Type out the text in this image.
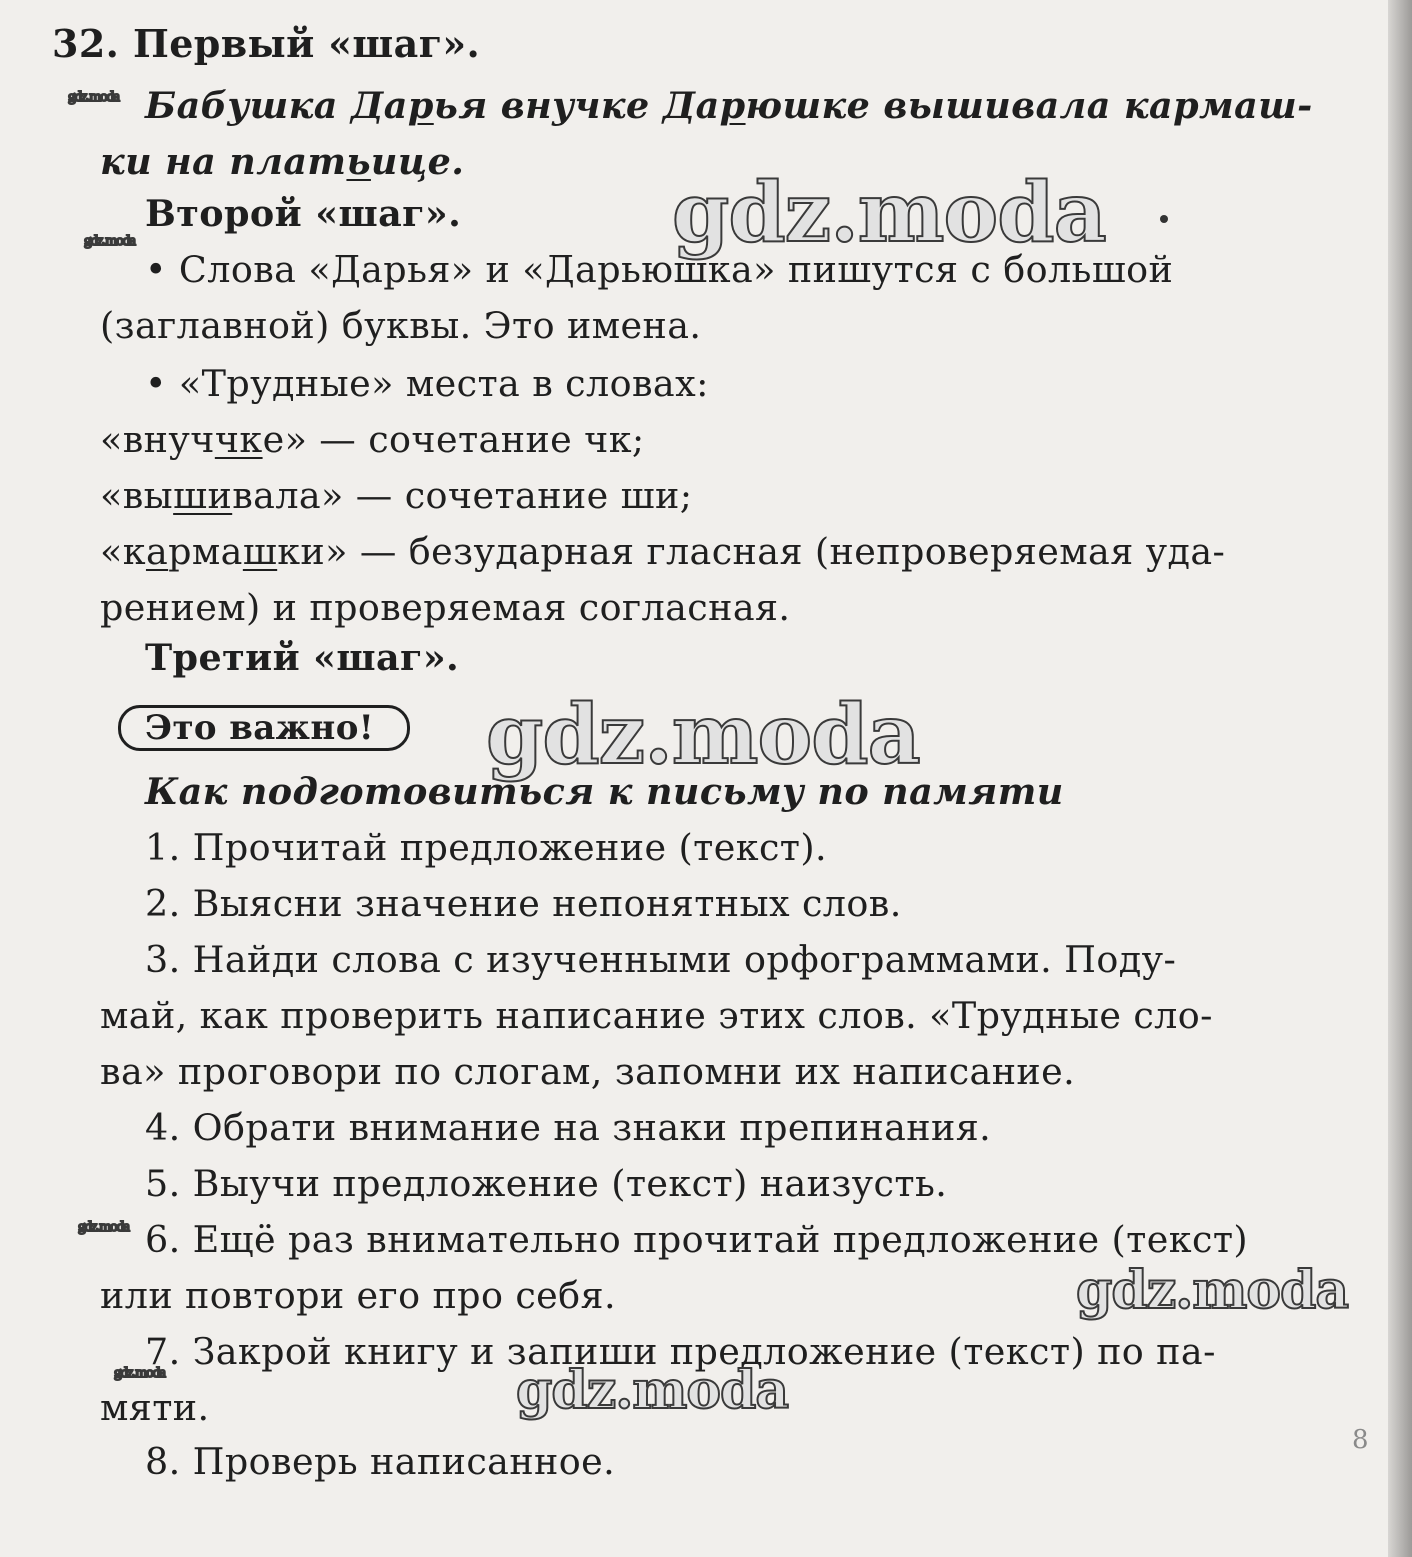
32. Первый «шаг».
Бабушка Дарья внучке Дарюшке вышивала кармаш-
ки на платьице.
Второй «шаг».
• Слова «Дарья» и «Дарьюшка» пишутся с большой
(заглавной) буквы. Это имена.
• «Трудные» места в словах:
«внуччке» — сочетание чк;
«вышивала» — сочетание ши;
«кармашки» — безударная гласная (непроверяемая уда-
рением) и проверяемая согласная.
Третий «шаг».
Это важно!
Как подготовиться к письму по памяти
1. Прочитай предложение (текст).
2. Выясни значение непонятных слов.
3. Найди слова с изученными орфограммами. Поду-
май, как проверить написание этих слов. «Трудные сло-
ва» проговори по слогам, запомни их написание.
4. Обрати внимание на знаки препинания.
5. Выучи предложение (текст) наизусть.
6. Ещё раз внимательно прочитай предложение (текст)
или повтори его про себя.
7. Закрой книгу и запиши предложение (текст) по па-
мяти.
8. Проверь написанное.
gdz.moda
gdz.moda
gdz.moda
gdz.moda
gdz.moda
gdz.moda
gdz.moda
gdz.moda
8
